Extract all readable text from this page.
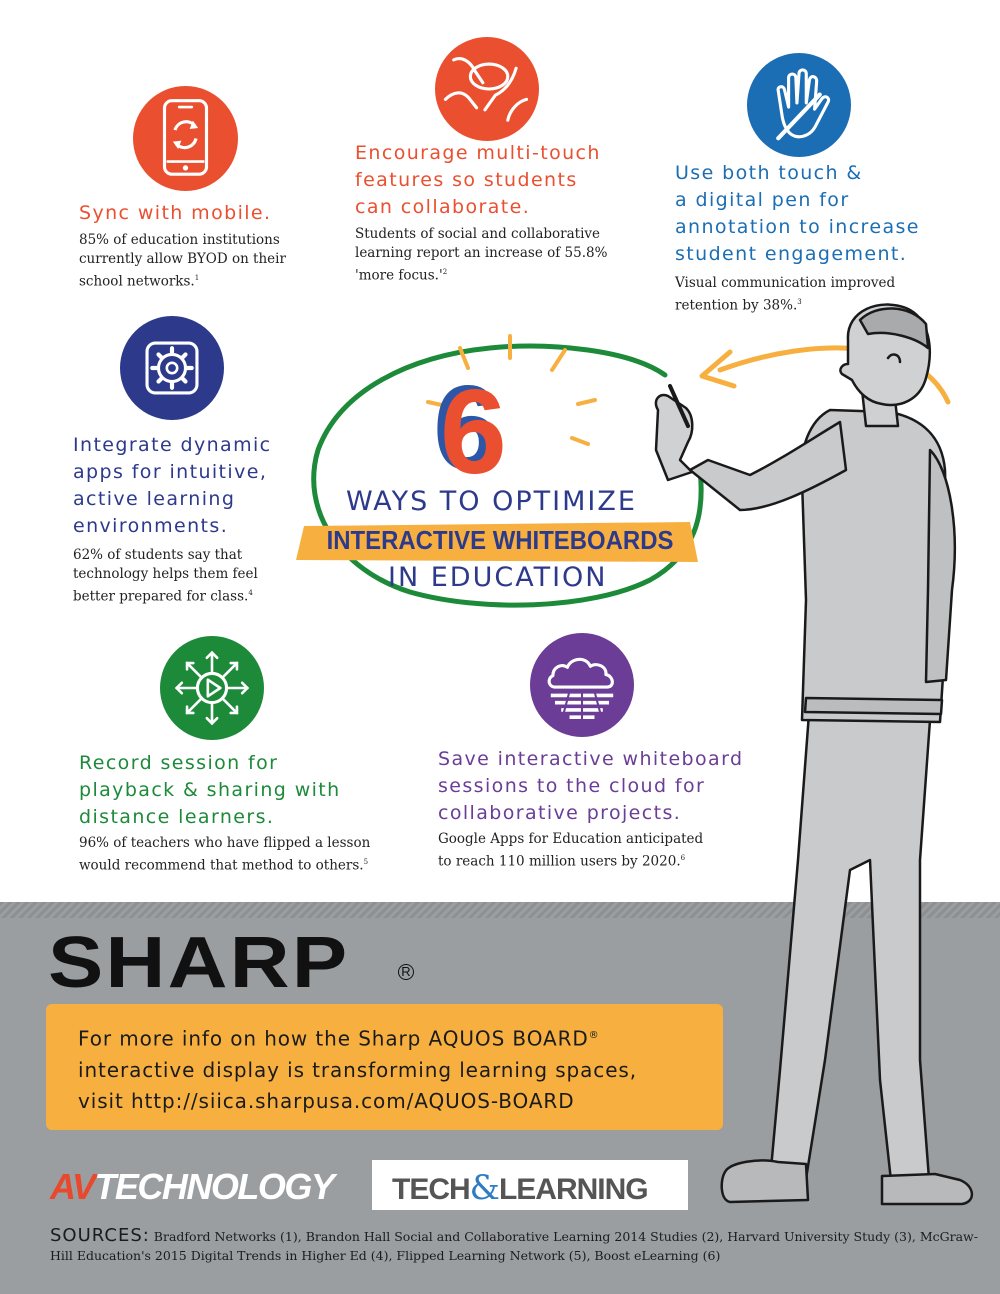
Sync with mobile.
85% of education institutions
currently allow BYOD on their
school networks.$^1$
Encourage multi-touch
features so students
can collaborate.
Students of social and collaborative
learning report an increase of 55.8%
'more $focus.'^2$
Use both touch &
a digital pen for
annotation to increase
student engagement.
Visual communication improved
retention by 38%.$^3$
Integrate dynamic
apps for intuitive,
active learning
environments.
62% of students say that
technology helps them feel
better prepared for class.$^4$
Record session for
playback & sharing with
distance learners.
96% of teachers who have flipped a lesson
would recommend that method to others.$^5$
Save interactive whiteboard
sessions to the cloud for
collaborative projects.
Google Apps for Education anticipated
to reach 110 million users by 2020.$^6$
6
WAYS TO OPTIMIZE
INTERACTIVE WHITEBOARDS
IN EDUCATION
SHARP	R
For more info on how the Sharp AQUOS BOARD®
interactive display is transforming learning spaces,
visit http://siica.sharpusa.com/AQUOS-BOARD
AVTECHNOLOGY TECH&LEARNING
SOURCES: Bradford Networks (1), Brandon Hall Social and Collaborative Learning 2014 Studies (2), Harvard University Study (3), McGraw-Hill Education's 2015 Digital Trends in Higher Ed (4), Flipped Learning Network (5), Boost eLearning (6)
